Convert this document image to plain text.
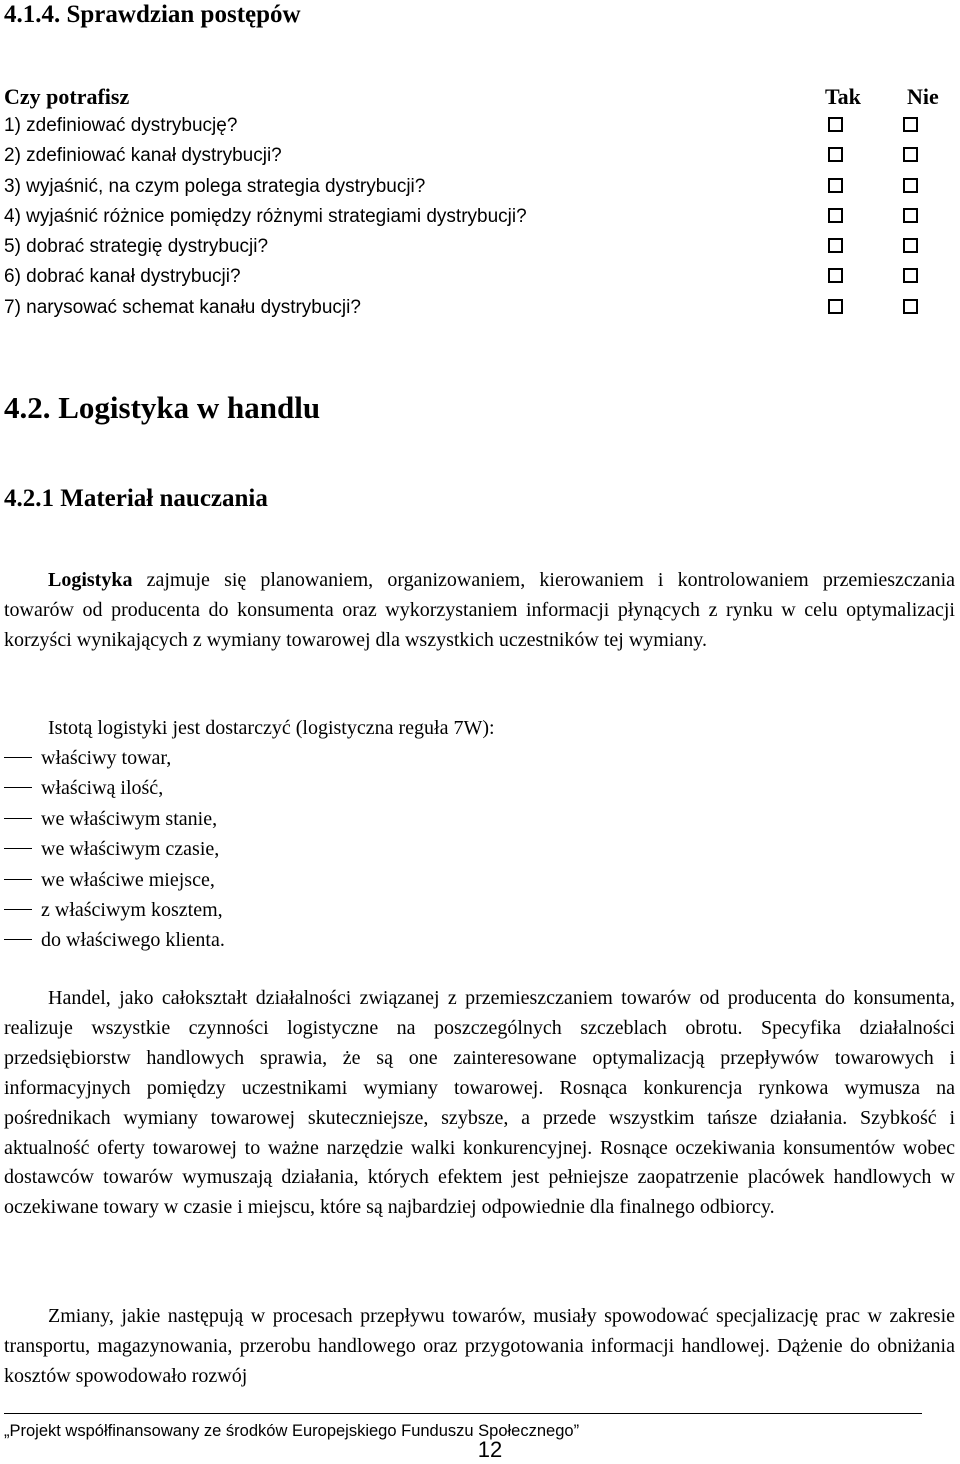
4.1.4. Sprawdzian postępów
Czy potrafisz	Tak Nie
1) zdefiniować dystrybucję?
2) zdefiniować kanał dystrybucji?
3) wyjaśnić, na czym polega strategia dystrybucji?
4) wyjaśnić różnice pomiędzy różnymi strategiami dystrybucji?
5) dobrać strategię dystrybucji?
6) dobrać kanał dystrybucji?
7) narysować schemat kanału dystrybucji?
4.2. Logistyka w handlu
4.2.1 Materiał nauczania

Logistyka zajmuje się planowaniem, organizowaniem, kierowaniem i kontrolowaniem przemieszczania towarów od producenta do konsumenta oraz wykorzystaniem informacji płynących z rynku w celu optymalizacji korzyści wynikających z wymiany towarowej dla wszystkich uczestników tej wymiany.

Istotą logistyki jest dostarczyć (logistyczna reguła 7W):

właściwy towar,
właściwą ilość,
we właściwym stanie,
we właściwym czasie,
we właściwe miejsce,
z właściwym kosztem,
do właściwego klienta.

Handel, jako całokształt działalności związanej z przemieszczaniem towarów od producenta do konsumenta, realizuje wszystkie czynności logistyczne na poszczególnych szczeblach obrotu. Specyfika działalności przedsiębiorstw handlowych sprawia, że są one zainteresowane optymalizacją przepływów towarowych i informacyjnych pomiędzy uczestnikami wymiany towarowej. Rosnąca konkurencja rynkowa wymusza na pośrednikach wymiany towarowej skuteczniejsze, szybsze, a przede wszystkim tańsze działania. Szybkość i aktualność oferty towarowej to ważne narzędzie walki konkurencyjnej. Rosnące oczekiwania konsumentów wobec dostawców towarów wymuszają działania, których efektem jest pełniejsze zaopatrzenie placówek handlowych w oczekiwane towary w czasie i miejscu, które są najbardziej odpowiednie dla finalnego odbiorcy.

Zmiany, jakie następują w procesach przepływu towarów, musiały spowodować specjalizację prac w zakresie transportu, magazynowania, przerobu handlowego oraz przygotowania informacji handlowej. Dążenie do obniżania kosztów spowodowało rozwój

„Projekt współfinansowany ze środków Europejskiego Funduszu Społecznego”
12
